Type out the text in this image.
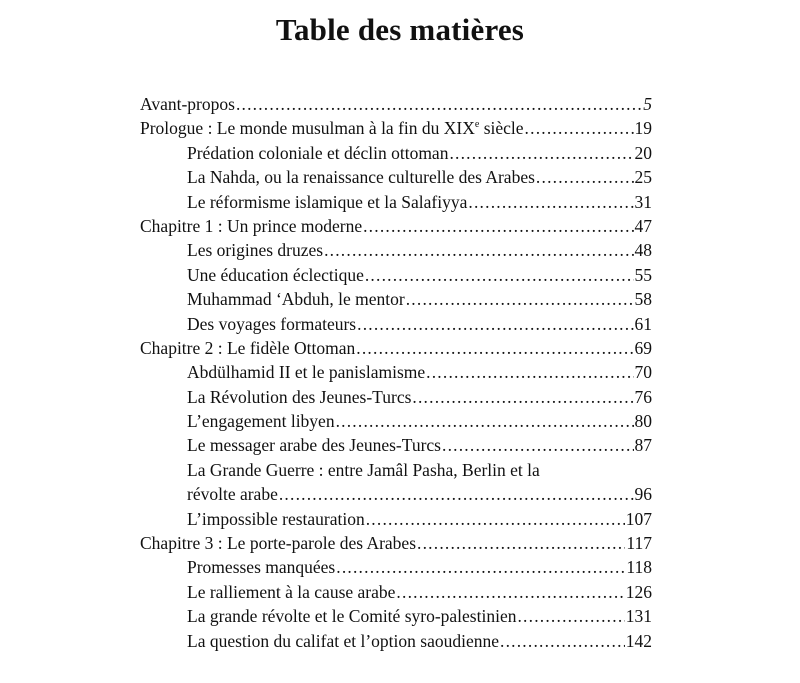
Table des matières
Avant-propos .....	5
Prologue : Le monde musulman à la fin du XIXe siècle .....	19
Prédation coloniale et déclin ottoman .....	20
La Nahda, ou la renaissance culturelle des Arabes .....	25
Le réformisme islamique et la Salafiyya .....	31
Chapitre 1 : Un prince moderne .....	47
Les origines druzes .....	48
Une éducation éclectique .....	55
Muhammad ‘Abduh, le mentor .....	58
Des voyages formateurs .....	61
Chapitre 2 : Le fidèle Ottoman .....	69
Abdülhamid II et le panislamisme .....	70
La Révolution des Jeunes-Turcs .....	76
L’engagement libyen .....	80
Le messager arabe des Jeunes-Turcs .....	87
La Grande Guerre : entre Jamâl Pasha, Berlin et la
révolte arabe .....	96
L’impossible restauration .....	107
Chapitre 3 : Le porte-parole des Arabes .....	117
Promesses manquées .....	118
Le ralliement à la cause arabe .....	126
La grande révolte et le Comité syro-palestinien .....	131
La question du califat et l’option saoudienne .....	142
